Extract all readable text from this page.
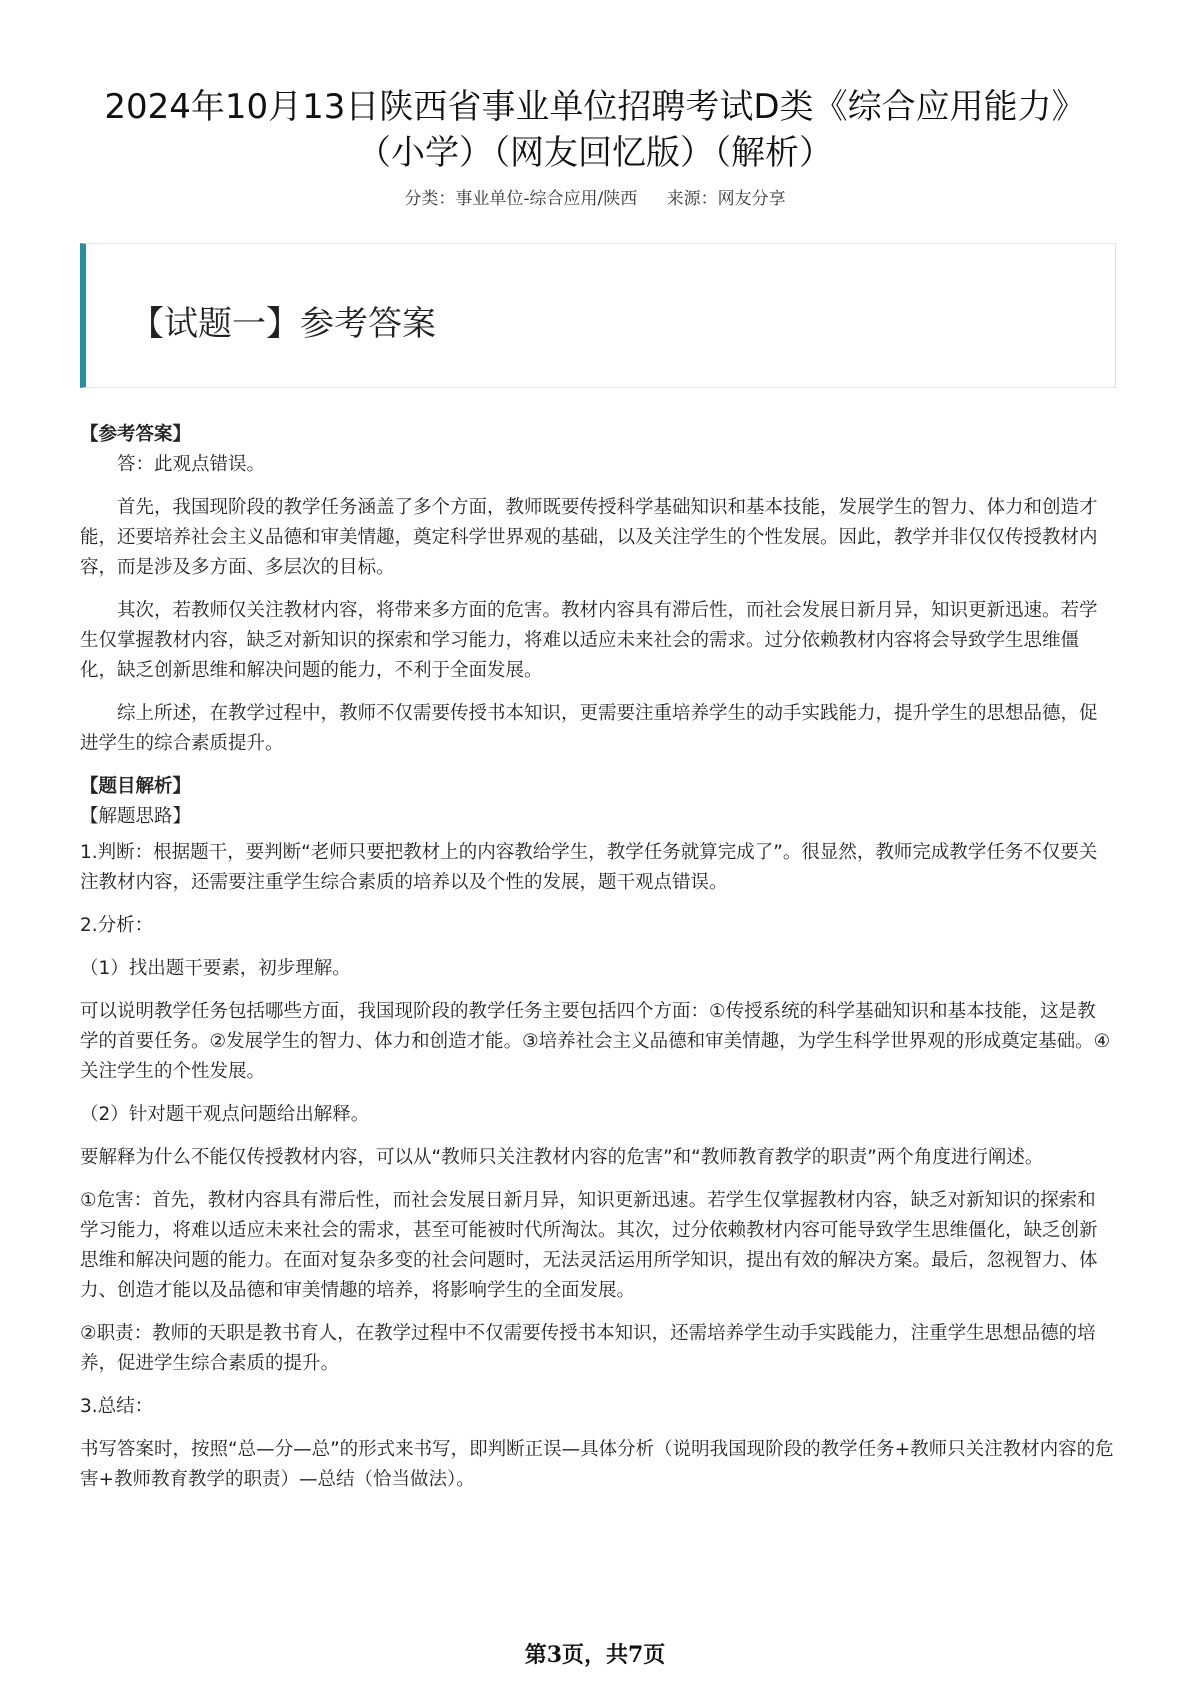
2024年10月13日陕西省事业单位招聘考试D类《综合应用能力》
（小学）（网友回忆版）（解析）
分类：事业单位-综合应用/陕西 来源：网友分享
【试题一】参考答案

【参考答案】

答：此观点错误。

首先，我国现阶段的教学任务涵盖了多个方面，教师既要传授科学基础知识和基本技能，发展学生的智力、体力和创造才能，还要培养社会主义品德和审美情趣，奠定科学世界观的基础，以及关注学生的个性发展。因此，教学并非仅仅传授教材内容，而是涉及多方面、多层次的目标。

其次，若教师仅关注教材内容，将带来多方面的危害。教材内容具有滞后性，而社会发展日新月异，知识更新迅速。若学生仅掌握教材内容，缺乏对新知识的探索和学习能力，将难以适应未来社会的需求。过分依赖教材内容将会导致学生思维僵化，缺乏创新思维和解决问题的能力，不利于全面发展。

综上所述，在教学过程中，教师不仅需要传授书本知识，更需要注重培养学生的动手实践能力，提升学生的思想品德，促进学生的综合素质提升。

【题目解析】

【解题思路】

1.判断：根据题干，要判断“老师只要把教材上的内容教给学生，教学任务就算完成了”。很显然，教师完成教学任务不仅要关注教材内容，还需要注重学生综合素质的培养以及个性的发展，题干观点错误。

2.分析：

（1）找出题干要素，初步理解。

可以说明教学任务包括哪些方面，我国现阶段的教学任务主要包括四个方面：①传授系统的科学基础知识和基本技能，这是教学的首要任务。②发展学生的智力、体力和创造才能。③培养社会主义品德和审美情趣，为学生科学世界观的形成奠定基础。④关注学生的个性发展。

（2）针对题干观点问题给出解释。

要解释为什么不能仅传授教材内容，可以从“教师只关注教材内容的危害”和“教师教育教学的职责”两个角度进行阐述。

①危害：首先，教材内容具有滞后性，而社会发展日新月异，知识更新迅速。若学生仅掌握教材内容，缺乏对新知识的探索和学习能力，将难以适应未来社会的需求，甚至可能被时代所淘汰。其次，过分依赖教材内容可能导致学生思维僵化，缺乏创新思维和解决问题的能力。在面对复杂多变的社会问题时，无法灵活运用所学知识，提出有效的解决方案。最后，忽视智力、体力、创造才能以及品德和审美情趣的培养，将影响学生的全面发展。

②职责：教师的天职是教书育人，在教学过程中不仅需要传授书本知识，还需培养学生动手实践能力，注重学生思想品德的培养，促进学生综合素质的提升。

3.总结：

书写答案时，按照“总—分—总”的形式来书写，即判断正误—具体分析（说明我国现阶段的教学任务+教师只关注教材内容的危害+教师教育教学的职责）—总结（恰当做法）。

第3页，共7页
